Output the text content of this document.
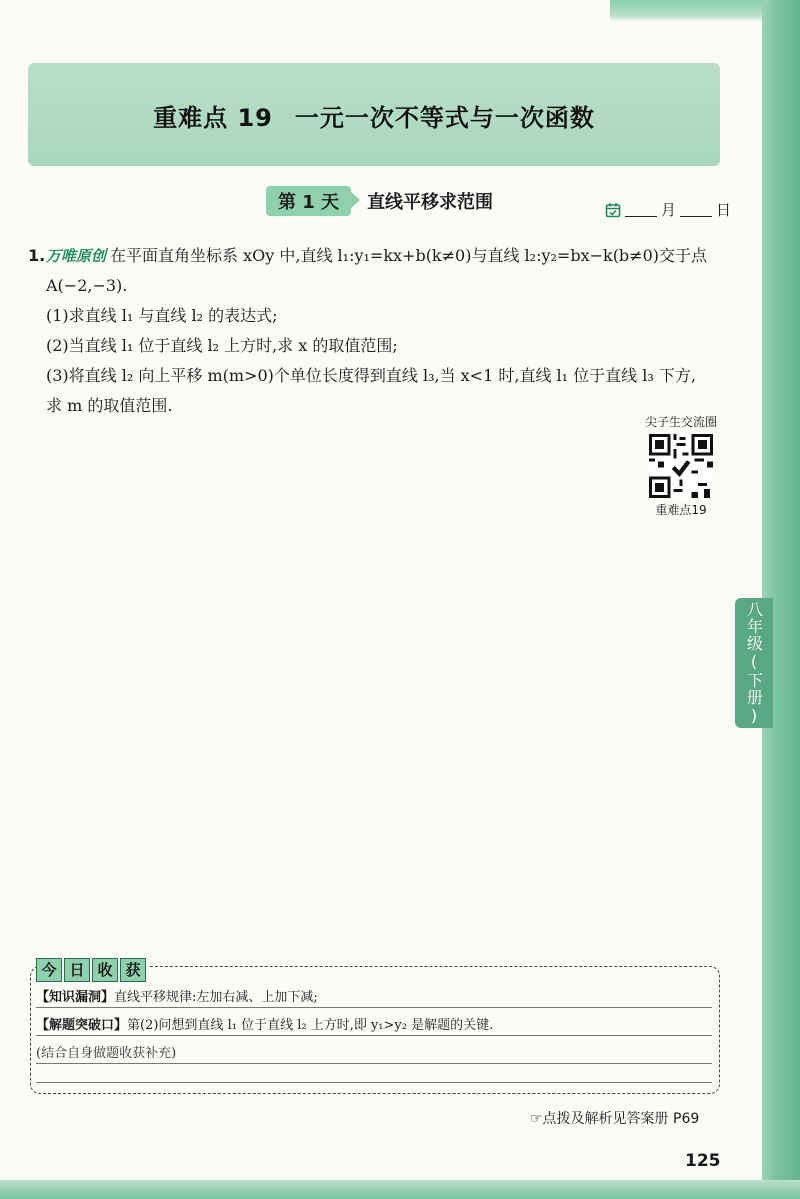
重难点 19 一元一次不等式与一次函数
第 1 天	直线平移求范围	月	日
1.万唯原创 在平面直角坐标系 xOy 中,直线 l₁:y₁=kx+b(k≠0)与直线 l₂:y₂=bx−k(b≠0)交于点
A(−2,−3).
(1)求直线 l₁ 与直线 l₂ 的表达式;
(2)当直线 l₁ 位于直线 l₂ 上方时,求 x 的取值范围;
(3)将直线 l₂ 向上平移 m(m>0)个单位长度得到直线 l₃,当 x<1 时,直线 l₁ 位于直线 l₃ 下方,
求 m 的取值范围.
尖子生交流圈
重难点19
今 日 收 获
【知识漏洞】直线平移规律:左加右减、上加下减;
【解题突破口】第(2)问想到直线 l₁ 位于直线 l₂ 上方时,即 y₁>y₂ 是解题的关键.
(结合自身做题收获补充)
☞点拨及解析见答案册 P69
125
八年级(下册)
